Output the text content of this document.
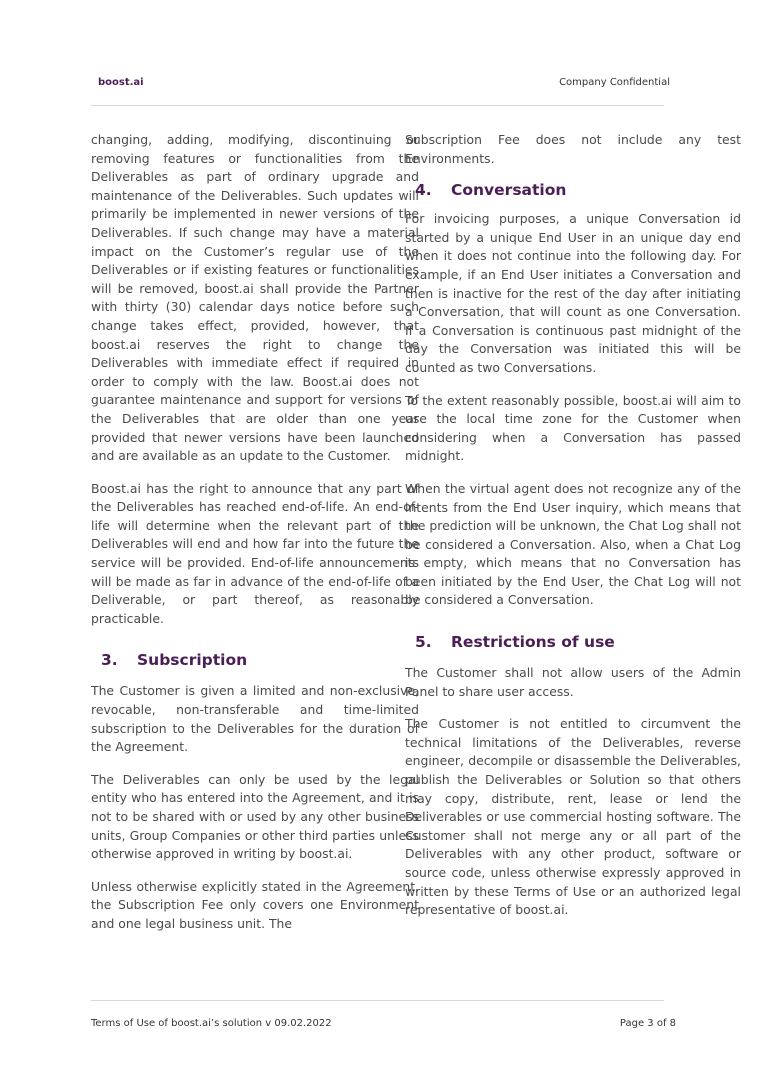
boost.ai	Company Confidential

changing, adding, modifying, discontinuing or removing features or functionalities from the Deliverables as part of ordinary upgrade and maintenance of the Deliverables. Such updates will primarily be implemented in newer versions of the Deliverables. If such change may have a material impact on the Customer’s regular use of the Deliverables or if existing features or functionalities will be removed, boost.ai shall provide the Partner with thirty (30) calendar days notice before such change takes effect, provided, however, that boost.ai reserves the right to change the Deliverables with immediate effect if required in order to comply with the law. Boost.ai does not guarantee maintenance and support for versions of the Deliverables that are older than one year provided that newer versions have been launched and are available as an update to the Customer.

Boost.ai has the right to announce that any part of the Deliverables has reached end-of-life. An end-of-life will determine when the relevant part of the Deliverables will end and how far into the future the service will be provided. End-of-life announcements will be made as far in advance of the end-of-life of a Deliverable, or part thereof, as reasonably practicable.

3. Subscription

The Customer is given a limited and non-exclusive, revocable, non-transferable and time-limited subscription to the Deliverables for the duration of the Agreement.

The Deliverables can only be used by the legal entity who has entered into the Agreement, and it is not to be shared with or used by any other business units, Group Companies or other third parties unless otherwise approved in writing by boost.ai.

Unless otherwise explicitly stated in the Agreement, the Subscription Fee only covers one Environment and one legal business unit. The

Subscription Fee does not include any test Environments.

4. Conversation

For invoicing purposes, a unique Conversation id started by a unique End User in an unique day end when it does not continue into the following day. For example, if an End User initiates a Conversation and then is inactive for the rest of the day after initiating a Conversation, that will count as one Conversation. If a Conversation is continuous past midnight of the day the Conversation was initiated this will be counted as two Conversations.

To the extent reasonably possible, boost.ai will aim to use the local time zone for the Customer when considering when a Conversation has passed midnight.

When the virtual agent does not recognize any of the intents from the End User inquiry, which means that the prediction will be unknown, the Chat Log shall not be considered a Conversation. Also, when a Chat Log is empty, which means that no Conversation has been initiated by the End User, the Chat Log will not be considered a Conversation.

5. Restrictions of use

The Customer shall not allow users of the Admin Panel to share user access.

The Customer is not entitled to circumvent the technical limitations of the Deliverables, reverse engineer, decompile or disassemble the Deliverables, publish the Deliverables or Solution so that others may copy, distribute, rent, lease or lend the Deliverables or use commercial hosting software. The Customer shall not merge any or all part of the Deliverables with any other product, software or source code, unless otherwise expressly approved in written by these Terms of Use or an authorized legal representative of boost.ai.

Terms of Use of boost.ai’s solution v 09.02.2022	Page 3 of 8
